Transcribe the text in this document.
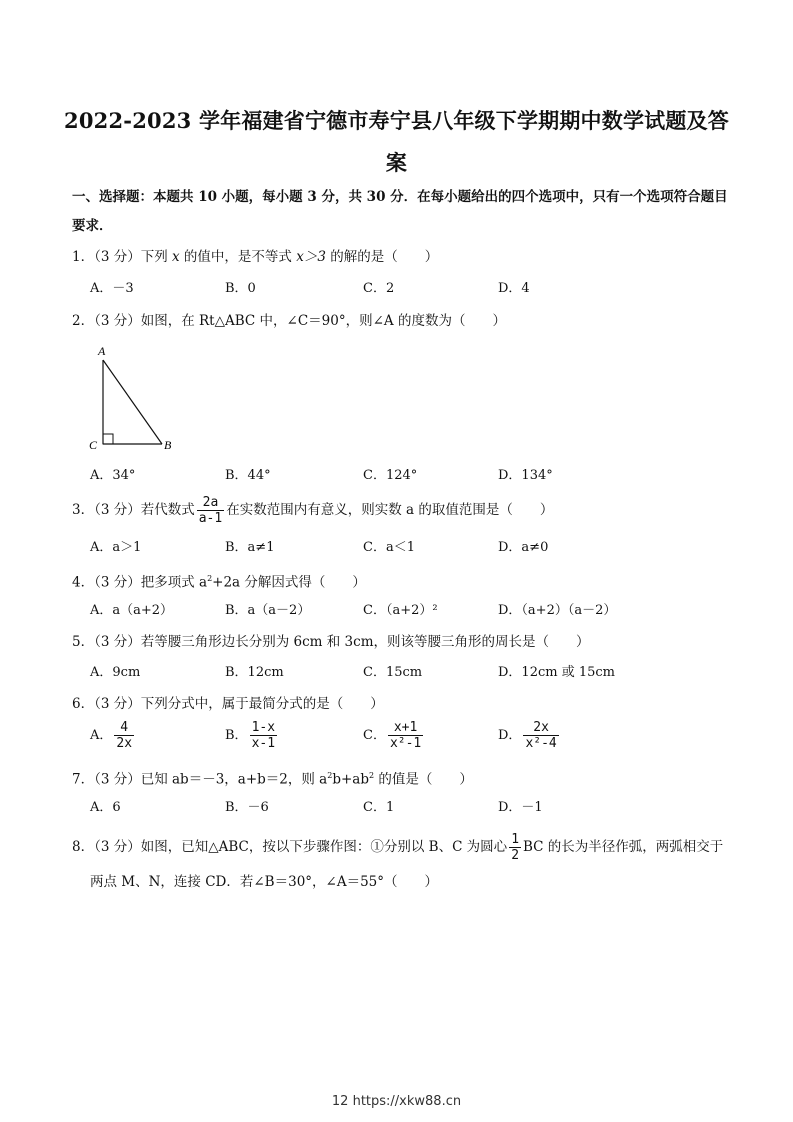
2022-2023 学年福建省宁德市寿宁县八年级下学期期中数学试题及答案
一、选择题：本题共 10 小题，每小题 3 分，共 30 分．在每小题给出的四个选项中，只有一个选项符合题目要求．
1．（3 分）下列 x 的值中，是不等式 x＞3 的解的是（　　）
A．－3	B．0	C．2	D．4
2．（3 分）如图，在 Rt△ABC 中，∠C＝90°，则∠A 的度数为（　　）
A
C	B
A．34°	B．44°	C．124°	D．134°
3．（3 分）若代数式 $\frac{2a}{a-1}$ 在实数范围内有意义，则实数 a 的取值范围是（　　）
A．a＞1	B．a≠1	C．a＜1	D．a≠0
4．（3 分）把多项式 $a^2+2a$ 分解因式得（　　）
A．a（a+2）	B．a（a－2）	C．（a+2）²	D．（a+2）（a－2）
5．（3 分）若等腰三角形边长分别为 6cm 和 3cm，则该等腰三角形的周长是（　　）
A．9cm	B．12cm	C．15cm	D．12cm 或 15cm
6．（3 分）下列分式中，属于最简分式的是（　　）
A． $\frac{4}{2x}$	B． $\frac{1-x}{x-1}$	C． $\frac{x+1}{\text{x²-1}}$	D． $\frac{2x}{\text{x²-4}}$
7．（3 分）已知 ab＝－3，a+b＝2，则 $a^2b+ab^2$ 的值是（　　）
A．6	B．－6	C．1	D．－1
8．（3 分）如图，已知△ABC，按以下步骤作图：①分别以 B、C 为圆心 $\frac{1}{2}$ BC 的长为半径作弧，两弧相交于
两点 M、N，连接 CD．若∠B＝30°，∠A＝55°（　　）
12 https://xkw88.cn
